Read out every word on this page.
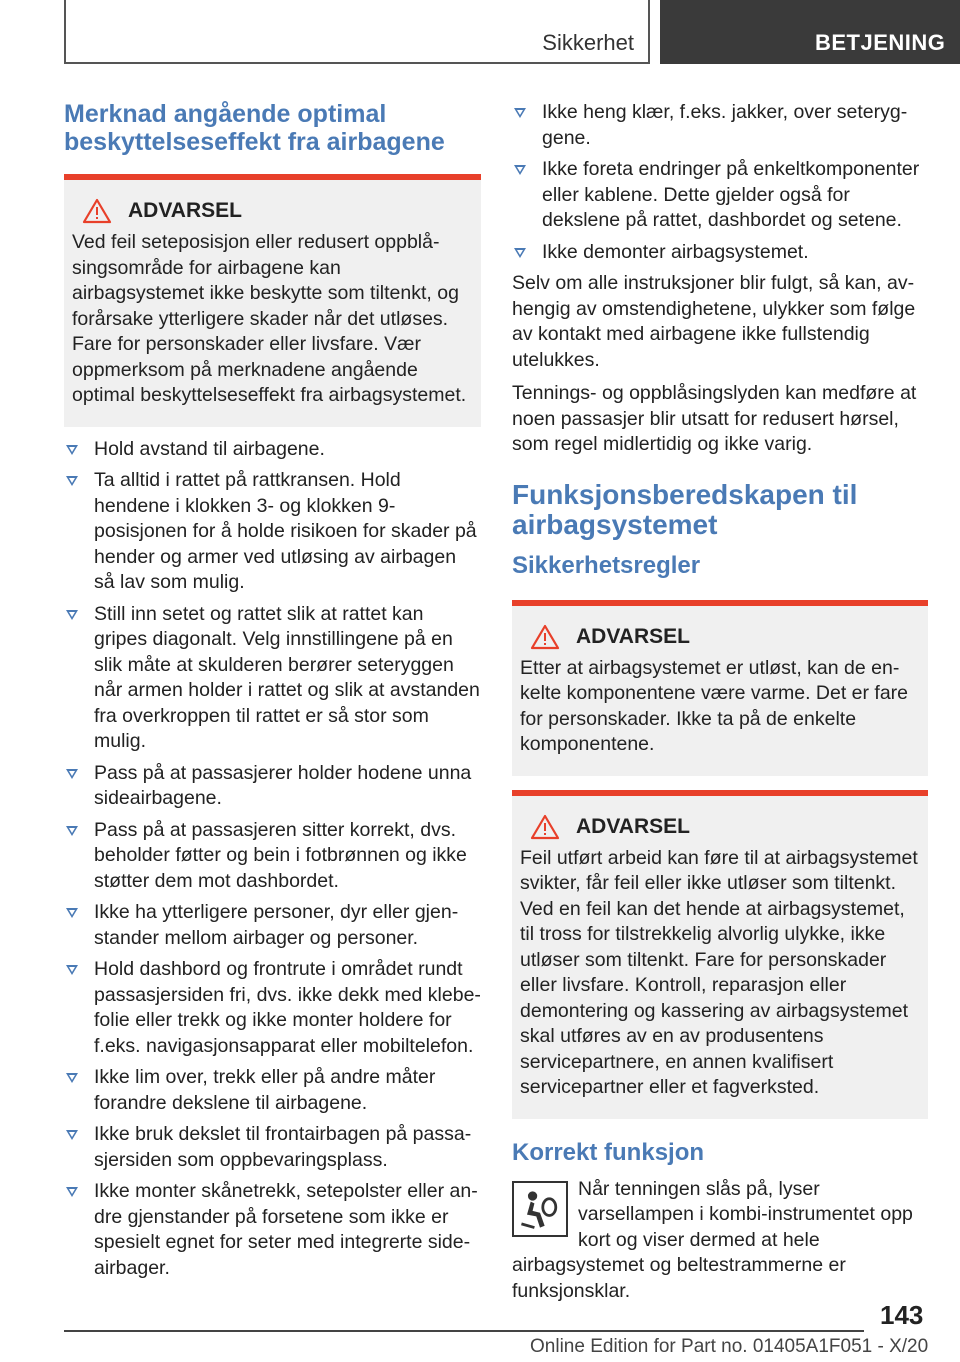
Sikkerhet	BETJENING
Merknad angående optimal beskyttelseseffekt fra airbagene
ADVARSEL
Ved feil seteposisjon eller redusert oppblåsingsområde for airbagene kan airbagsystemet ikke beskytte som tiltenkt, og forårsake ytterligere skader når det utløses. Fare for personskader eller livsfare. Vær oppmerksom på merknadene angående optimal beskyttelseseffekt fra airbagsystemet.
Hold avstand til airbagene.
Ta alltid i rattet på rattkransen. Hold hendene i klokken 3- og klokken 9-posisjonen for å holde risikoen for skader på hender og armer ved utløsing av airbagen så lav som mulig.
Still inn setet og rattet slik at rattet kan gripes diagonalt. Velg innstillingene på en slik måte at skulderen berører seteryggen når armen holder i rattet og slik at avstanden fra overkroppen til rattet er så stor som mulig.
Pass på at passasjerer holder hodene unna sideairbagene.
Pass på at passasjeren sitter korrekt, dvs. beholder føtter og bein i fotbrønnen og ikke støtter dem mot dashbordet.
Ikke ha ytterligere personer, dyr eller gjenstander mellom airbager og personer.
Hold dashbord og frontrute i området rundt passasjersiden fri, dvs. ikke dekk med klebefolie eller trekk og ikke monter holdere for f.eks. navigasjonsapparat eller mobiltelefon.
Ikke lim over, trekk eller på andre måter forandre dekslene til airbagene.
Ikke bruk dekslet til frontairbagen på passasjersiden som oppbevaringsplass.
Ikke monter skånetrekk, setepolster eller andre gjenstander på forsetene som ikke er spesielt egnet for seter med integrerte sideairbager.
Ikke heng klær, f.eks. jakker, over seteryggene.
Ikke foreta endringer på enkeltkomponenter eller kablene. Dette gjelder også for dekslene på rattet, dashbordet og setene.
Ikke demonter airbagsystemet.

Selv om alle instruksjoner blir fulgt, så kan, avhengig av omstendighetene, ulykker som følge av kontakt med airbagene ikke fullstendig utelukkes.

Tennings- og oppblåsingslyden kan medføre at noen passasjer blir utsatt for redusert hørsel, som regel midlertidig og ikke varig.

Funksjonsberedskapen til airbagsystemet
Sikkerhetsregler
ADVARSEL
Etter at airbagsystemet er utløst, kan de enkelte komponentene være varme. Det er fare for personskader. Ikke ta på de enkelte komponentene.
ADVARSEL
Feil utført arbeid kan føre til at airbagsystemet svikter, får feil eller ikke utløser som tiltenkt. Ved en feil kan det hende at airbagsystemet, til tross for tilstrekkelig alvorlig ulykke, ikke utløser som tiltenkt. Fare for personskader eller livsfare. Kontroll, reparasjon eller demontering og kassering av airbagsystemet skal utføres av en av produsentens servicepartnere, en annen kvalifisert servicepartner eller et fagverksted.
Korrekt funksjon

Når tenningen slås på, lyser varsellampen i kombi-instrumentet opp kort og viser dermed at hele airbagsystemet og beltestrammerne er funksjonsklar.

143
Online Edition for Part no. 01405A1F051 - X/20
